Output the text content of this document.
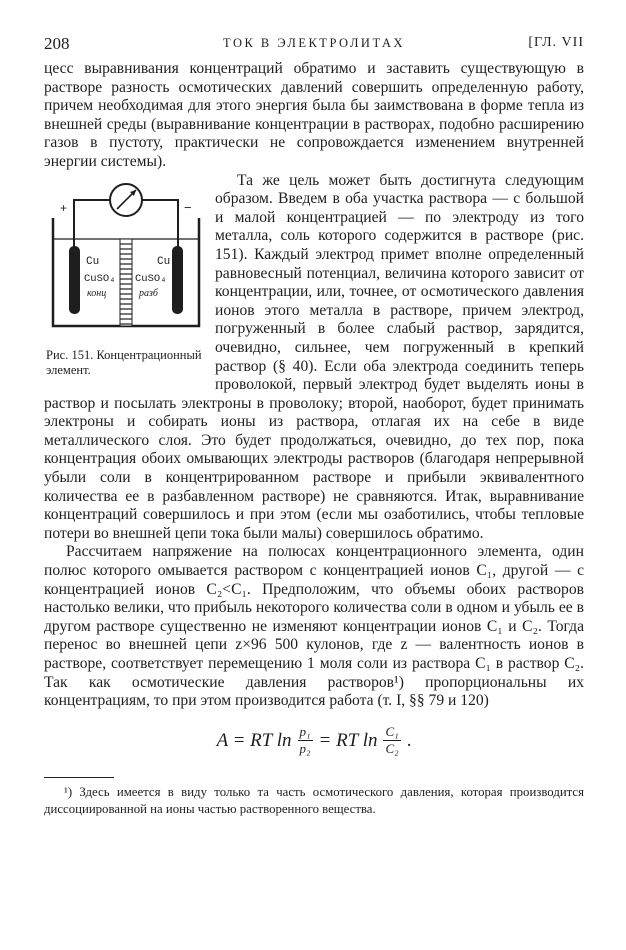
208	ТОК В ЭЛЕКТРОЛИТАХ	[ГЛ. VII

цесс выравнивания концентраций обратимо и заставить существующую в растворе разность осмотических давлений совершить определенную работу, причем необходимая для этого энергия была бы заимствована в форме тепла из внешней среды (выравнивание концентрации в растворах, подобно расширению газов в пустоту, практически не сопровождается изменением внутренней энергии системы).

+	−
Cu	Cu
CuSO₄ CuSO₄
конц	разб
Рис. 151. Концентрационный элемент.

Та же цель может быть достигнута следующим образом. Введем в оба участка раствора — с большой и малой концентрацией — по электроду из того металла, соль которого содержится в растворе (рис. 151). Каждый электрод примет вполне определенный равновесный потенциал, величина которого зависит от концентрации, или, точнее, от осмотического давления ионов этого металла в растворе, причем электрод, погруженный в более слабый раствор, зарядится, очевидно, сильнее, чем погруженный в крепкий раствор (§ 40). Если оба электрода соединить теперь проволокой, первый электрод будет выделять ионы в раствор и посылать электроны в проволоку; второй, наоборот, будет принимать электроны и собирать ионы из раствора, отлагая их на себе в виде металлического слоя. Это будет продолжаться, очевидно, до тех пор, пока концентрация обоих омывающих электроды растворов (благодаря непрерывной убыли соли в концентрированном растворе и прибыли эквивалентного количества ее в разбавленном растворе) не сравняются. Итак, выравнивание концентраций совершилось и при этом (если мы озаботились, чтобы тепловые потери во внешней цепи тока были малы) совершилось обратимо.

Рассчитаем напряжение на полюсах концентрационного элемента, один полюс которого омывается раствором с концентрацией ионов C₁, другой — с концентрацией ионов C₂<C₁. Предположим, что объемы обоих растворов настолько велики, что прибыль некоторого количества соли в одном и убыль ее в другом растворе существенно не изменяют концентрации ионов C₁ и C₂. Тогда перенос во внешней цепи z×96 500 кулонов, где z — валентность ионов в растворе, соответствует перемещению 1 моля соли из раствора C₁ в раствор C₂. Так как осмотические давления растворов¹) пропорциональны их концентрациям, то при этом производится работа (т. I, §§ 79 и 120)

A = RT $\ln \frac{\text{p₁}}{\text{p₂}}$ = RT $\ln \frac{\text{C₁}}{\text{C₂}}$ .

¹) Здесь имеется в виду только та часть осмотического давления, которая производится диссоциированной на ионы частью растворенного вещества.
